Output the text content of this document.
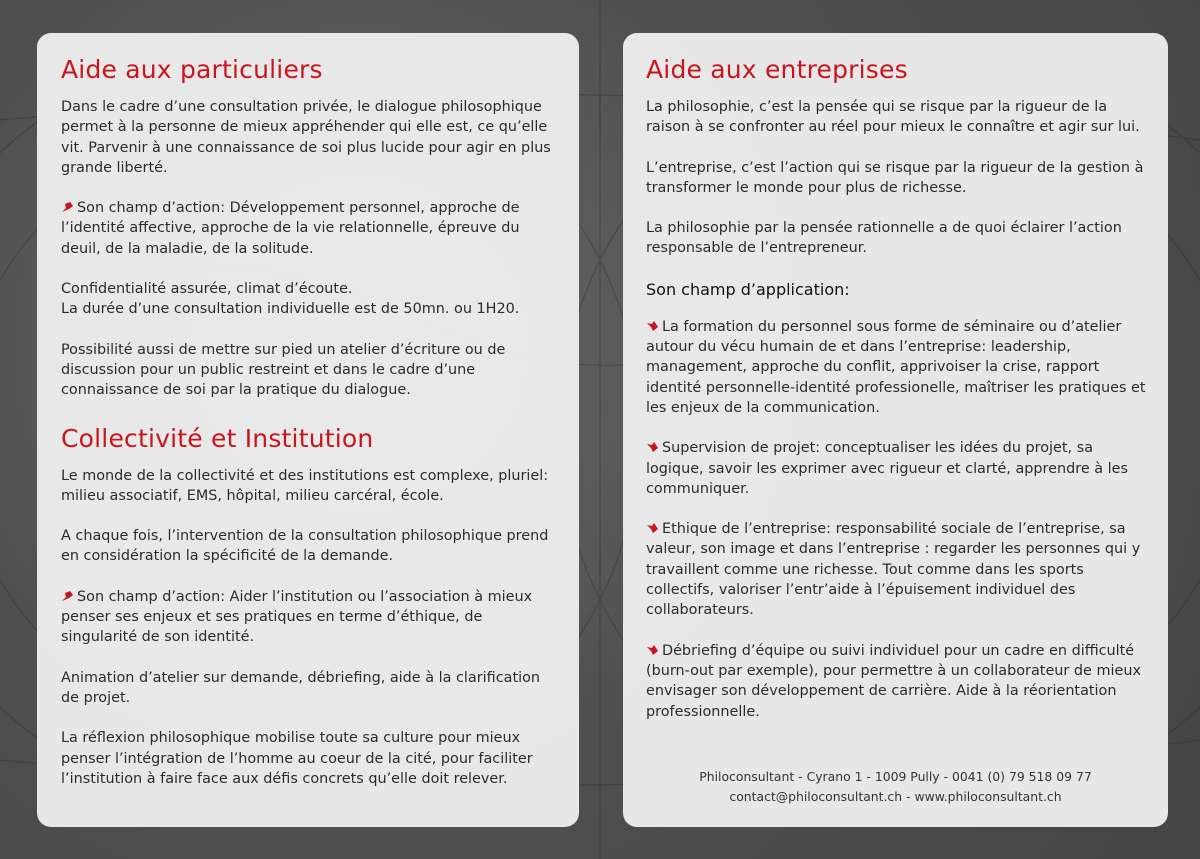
Aide aux particuliers

Dans le cadre d’une consultation privée, le dialogue philosophique permet à la personne de mieux appréhender qui elle est, ce qu’elle vit. Parvenir à une connaissance de soi plus lucide pour agir en plus grande liberté.

Son champ d’action: Développement personnel, approche de l’identité affective, approche de la vie relationnelle, épreuve du deuil, de la maladie, de la solitude.

Confidentialité assurée, climat d’écoute.
La durée d’une consultation individuelle est de 50mn. ou 1H20.

Possibilité aussi de mettre sur pied un atelier d’écriture ou de discussion pour un public restreint et dans le cadre d’une connaissance de soi par la pratique du dialogue.

Collectivité et Institution

Le monde de la collectivité et des institutions est complexe, pluriel: milieu associatif, EMS, hôpital, milieu carcéral, école.

A chaque fois, l’intervention de la consultation philosophique prend en considération la spécificité de la demande.

Son champ d’action: Aider l’institution ou l’association à mieux penser ses enjeux et ses pratiques en terme d’éthique, de singularité de son identité.

Animation d’atelier sur demande, débriefing, aide à la clarification de projet.

La réflexion philosophique mobilise toute sa culture pour mieux penser l’intégration de l’homme au coeur de la cité, pour faciliter l’institution à faire face aux défis concrets qu’elle doit relever.

Aide aux entreprises

La philosophie, c’est la pensée qui se risque par la rigueur de la raison à se confronter au réel pour mieux le connaître et agir sur lui.

L’entreprise, c’est l’action qui se risque par la rigueur de la gestion à transformer le monde pour plus de richesse.

La philosophie par la pensée rationnelle a de quoi éclairer l’action responsable de l’entrepreneur.

Son champ d’application:

La formation du personnel sous forme de séminaire ou d’atelier autour du vécu humain de et dans l’entreprise: leadership, management, approche du conflit, apprivoiser la crise, rapport identité personnelle-identité professionelle, maîtriser les pratiques et les enjeux de la communication.

Supervision de projet: conceptualiser les idées du projet, sa logique, savoir les exprimer avec rigueur et clarté, apprendre à les communiquer.

Ethique de l’entreprise: responsabilité sociale de l’entreprise, sa valeur, son image et dans l’entreprise : regarder les personnes qui y travaillent comme une richesse. Tout comme dans les sports collectifs, valoriser l’entr’aide à l’épuisement individuel des collaborateurs.

Débriefing d’équipe ou suivi individuel pour un cadre en difficulté (burn-out par exemple), pour permettre à un collaborateur de mieux envisager son développement de carrière. Aide à la réorientation professionnelle.

Philoconsultant - Cyrano 1 - 1009 Pully - 0041 (0) 79 518 09 77
contact@philoconsultant.ch - www.philoconsultant.ch
